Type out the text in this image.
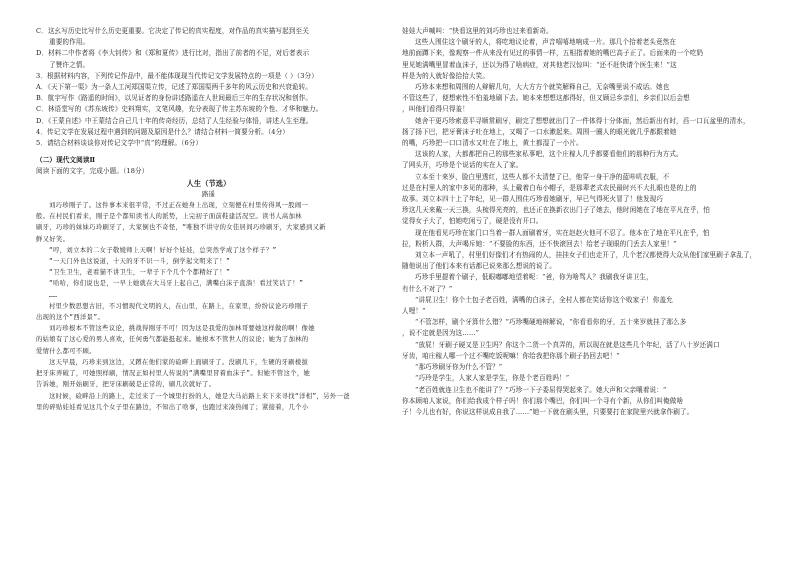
C．这幺写历史比写什么历史更重要。它决定了传记的真实程度，对作品的真实描写起到至关

重要的作用。

D．材料二中作者将《李大钊传》和《郑和夏传》进行比对，指出了前者的不足，对后者表示

了赞许之情。

3．根据材料内容，下列传记作品中，最不能体现现当代传记文学发展特点的一项是（ ）（3分）

A．《天下第一渠》为一条人工河郑国渠立传，记述了郑国渠两千多年的风云历史和兴衰诡转。

B．航宇写作《路遥的时间》，以见证者的身份讲述路遥在人世间最后三年的生存状况和创作。

C．林语堂写的《苏东坡传》史料翔实，文笔风趣，充分表现了传主苏东坡的个性、才华和魅力。

D．《王蒙自述》中王蒙结合自己几十年的传奇经历，总结了人生经验与体悟，讲述人生至理。

4．传记文学在发展过程中遇到的问题及原因是什么？请结合材料一简要分析。（4分）

5．请结合材料谈谈你对传记文学中“真”的理解。（6分）

（二）现代文阅读Ⅱ

阅读下面的文字，完成小题。（18分）

人生（节选）

路遥

刘巧珍刚子了。这件事本来很平常，不过正在她身上出现，立刻便在村里传得风一股闹一

般。在村民们看来，刚子是个都知读书人的派势，上完初子面前鞋建活况空。读书人高加林

刷牙，巧珍的妹妹巧玲刷牙了，大家倒也不奇怪，“唯独不讲守的女佳居间巧珍刷牙，大家感到又新

鲜又好笑。

“哼，刘立本的二女子敬媛师上天啊！好好个娃娃，总突然学成了这个样子？”

“一天门外也这说道，十天的牙不识一斗，倒学起文明来了！”

“卫生卫生，老看猫不讲卫生，一辈子下个几个个都精好了！”

“哈哈，你们说也是，一早上她就在大马牙上起自己，满嘴白沫子直淌！看过笑话了！”

……

村里少数思想古旧，不习惯现代文明的人，在山里，在路上，在家里，纷纷议论巧珍刚子

出现的这个“西洋景”。

刘巧珍根本不管这些议论，挑战得刚牙不可！因为这是我爱的加林哥要她这样做的啊！像她

的姑娘有了这心爱的男人喜欢，任何勇气都能挺起来。她根本不管世人的议论；她为了加林的

爱情什么都可不顾。

这天早晨，巧珍来到这边，又蹲在他们家的硷畔上面刷牙了。没刷几下，生硬的牙刷棱拔

把牙床弄破了，可她照样刷，情况正如村里人传说的“满嘴里冒着血沫子”。但她不管这个，她

告诉她，刚开始刷牙，把牙床刷破是正常的，刷几次就好了。

这时候，硷畔沿上的路上，走过来了一个城里打扮的人，她是大马站路上来下来寻找“洋相”，另外一爸

里的碎贴娃娃看见这几个女子里在路边，不知出了啥事，也跑过来凑热闹了；紧接着，几个小

娃娃大声喊叫：“快看这里的刘巧珍也过来看新奇。

这些人围住这个刷牙的人，将吃地议论着，声音嘻嘻地响成一片。那几个拾着老头竟然在

地前面蹲下来，像观察一件从来没有见过的事情一样，五相指着她的嘴巴高子正了。后面来的一个吃奶

里见她满嘴里冒着血沫子，还以为得了啥病症，对其他老汉惊叫：“还不赶快请个医生来！”这

样是为的人就好像拾拾大笑。

巧珍本来想和周围的人辩解几句，大大方方个就笑解释自己，无奈嘴里说不成话。她也

不管这些了，便想索性不怕羞地刷下去。她本来想想这都得好，但又顾忌乡亲们，乡亲们以后会想

，叫他们看得只得羞！

她舍干更巧珍索意平寻顺常刷牙，刷完了想想就出门了一件体得十分体面，然后新出有时，舀一口瓦盆里的清水，

扬了扬下巴，把牙膏沫子吐在地上，又喝了一口水漱起来。周围一圈人的眼光就几乎都跟着她

的嘴，巧珍把一口口清水又吐在了地上，黄土都湿了一小片。

这该的人家，大都都把自己的那些家私事吧，这个庄稼人几乎都要看他们的那种行为方式。

了网头开，巧珍是个说话的实在人了家。

立本至十来岁，脸白里透红，这些人都不太清楚了已，他穿一身干净的蓝咔叽衣服，不

过是在村里人的家中多见的那种，头上戴着白布小帽子，是那辈老式农民最时兴不大扎眼也是的上的

故事。刘立本四十上了年纪，见一群人围住巧珍看她刷牙，早已气得死火冒了！他发现巧

珍这几天来戴一天三换，头梳得光亮的，也还正在换新衣出门子了她去，他时闲她在了地在平凡在乎，怕

觉得女子大了，怕她吃闲亏了，硬是没有开口。

现在他看见巧珍在家门口当着一群人面刷着牙，实在赵赵火他可不忍了。他本在了地在平凡在乎，怕

拉，粉析人群，大声喝斥她：“不要脸的东西，还不快滚回去！给老子现眼的门丢去人家里！”

刘立本一声吼了，村里们好像们才有热闹的人，挂挂女子们也走开了，几个老汉都使得大众从他们家里刷子拿乱了，

随他说出了他们本来有话都已说来那么想说的说了。

巧珍手里提着个刷子，低眼嘟嘟地望着呢：“爸，你为啥骂人？我刷我牙讲卫生，

有什么不对了？”

“讲屁卫生！你个土包子老百姓，满嘴的白沫子，全村人都在笑话你这个败家子！你盖允

人哩！”

“不管怎样，刷个牙算什么错？”巧珍嘴硬地辩解说，“你看看你的牙，五十来岁就挂了那么多

，说不定就是因为这……”

“放屁！牙刷子硬又是卫生吗？你这个二货一个真弄的，所以现在就是这些几个年纪，活了八十岁还满口

牙齿，咱庄稼人哪一个过不嘴吃饭呢嘛！你给我把你那个刷子扔回去吧！”

“那巧珍刷牙你为什么不管？”

“巧玲是学生，人家人家是学生，你是个老百姓吗！”

“老百姓就连卫生也不能讲了？”巧珍一下子委屈得哭起来了。她大声和父亲嚷着说：“

你本顾咱人家说，你们给我成个样子吗！你们那个嘴巴，你们叫一个寻有个新，从你们叫俺做啥

子！今儿也有好，你说这样说成自我了……”她一下就在刷头里，只要要打在家院里兴就拿作刷了。
